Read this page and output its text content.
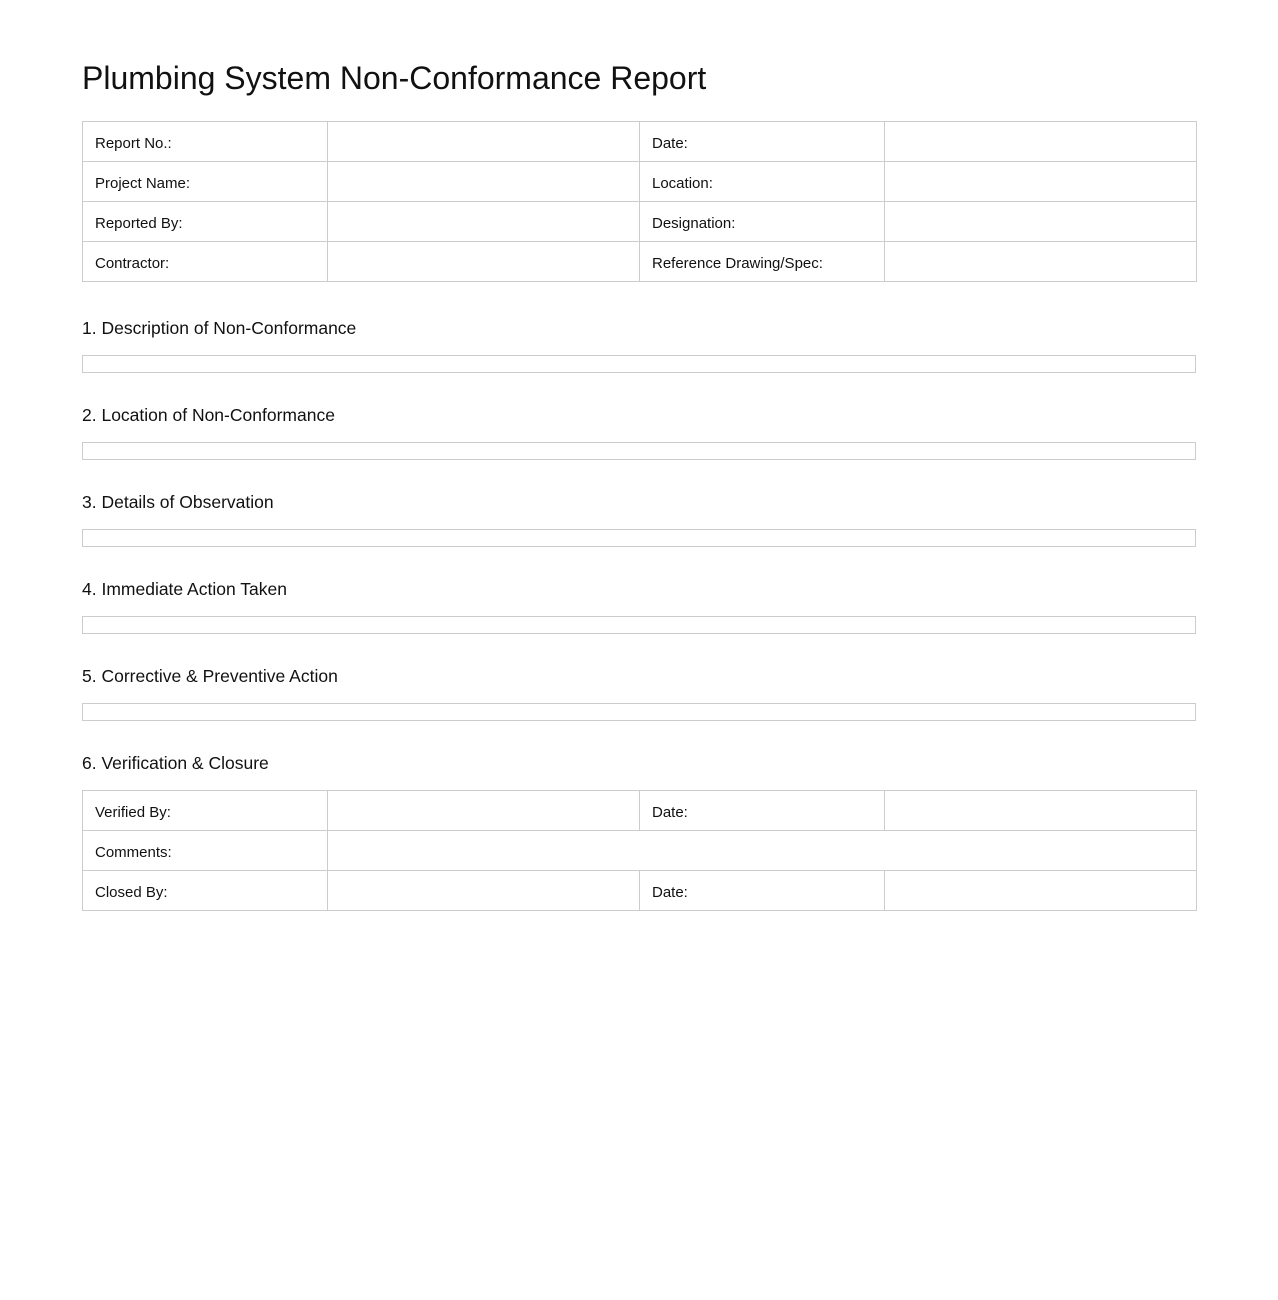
Plumbing System Non-Conformance Report
Report No.:		Date:	
Project Name:		Location:	
Reported By:		Designation:	
Contractor:		Reference Drawing/Spec:	
1. Description of Non-Conformance
2. Location of Non-Conformance
3. Details of Observation
4. Immediate Action Taken
5. Corrective & Preventive Action
6. Verification & Closure
Verified By:		Date:	
Comments:			
Closed By:		Date:	
